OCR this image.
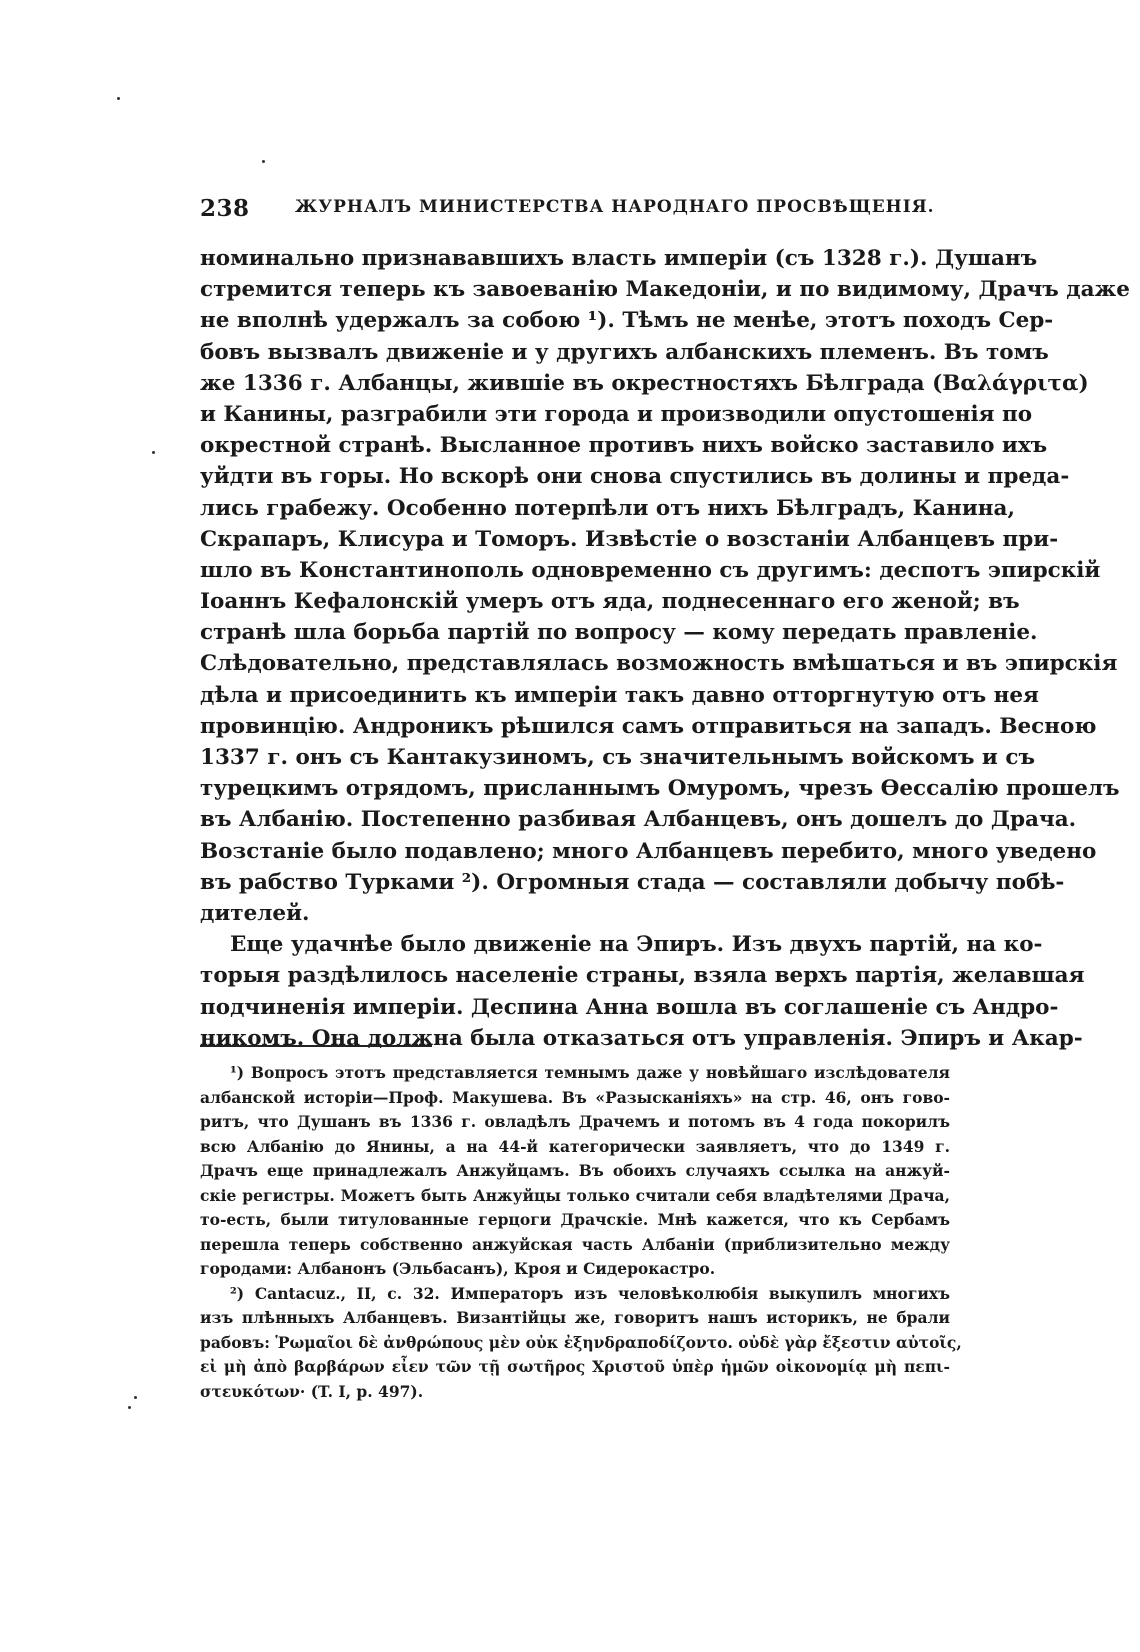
238	ЖУРНАЛЪ МИНИСТЕРСТВА НАРОДНАГО ПРОСВѢЩЕНІЯ.
номинально признававшихъ власть имперіи (съ 1328 г.). Душанъ
стремится теперь къ завоеванію Македоніи, и по видимому, Драчъ даже
не вполнѣ удержалъ за собою ¹). Тѣмъ не менѣе, этотъ походъ Сер-
бовъ вызвалъ движеніе и у другихъ албанскихъ племенъ. Въ томъ
же 1336 г. Албанцы, жившіе въ окрестностяхъ Бѣлграда (Βαλάγριτα)
и Канины, разграбили эти города и производили опустошенія по
окрестной странѣ. Высланное противъ нихъ войско заставило ихъ
уйдти въ горы. Но вскорѣ они снова спустились въ долины и преда-
лись грабежу. Особенно потерпѣли отъ нихъ Бѣлградъ, Канина,
Скрапаръ, Клисура и Томоръ. Извѣстіе о возстаніи Албанцевъ при-
шло въ Константинополь одновременно съ другимъ: деспотъ эпирскій
Іоаннъ Кефалонскій умеръ отъ яда, поднесеннаго его женой; въ
странѣ шла борьба партій по вопросу — кому передать правленіе.
Слѣдовательно, представлялась возможность вмѣшаться и въ эпирскія
дѣла и присоединить къ имперіи такъ давно отторгнутую отъ нея
провинцію. Андроникъ рѣшился самъ отправиться на западъ. Весною
1337 г. онъ съ Кантакузиномъ, съ значительнымъ войскомъ и съ
турецкимъ отрядомъ, присланнымъ Омуромъ, чрезъ Ѳессалію прошелъ
въ Албанію. Постепенно разбивая Албанцевъ, онъ дошелъ до Драча.
Возстаніе было подавлено; много Албанцевъ перебито, много уведено
въ рабство Турками ²). Огромныя стада — составляли добычу побѣ-
дителей.
Еще удачнѣе было движеніе на Эпиръ. Изъ двухъ партій, на ко-
торыя раздѣлилось населеніе страны, взяла верхъ партія, желавшая
подчиненія имперіи. Деспина Анна вошла въ соглашеніе съ Андро-
никомъ. Она должна была отказаться отъ управленія. Эпиръ и Акар-
¹) Вопросъ этотъ представляется темнымъ даже у новѣйшаго изслѣдователя
албанской исторіи—Проф. Макушева. Въ «Разысканіяхъ» на стр. 46, онъ гово-
ритъ, что Душанъ въ 1336 г. овладѣлъ Драчемъ и потомъ въ 4 года покорилъ
всю Албанію до Янины, а на 44-й категорически заявляетъ, что до 1349 г.
Драчъ еще принадлежалъ Анжуйцамъ. Въ обоихъ случаяхъ ссылка на анжуй-
скіе регистры. Можетъ быть Анжуйцы только считали себя владѣтелями Драча,
то-есть, были титулованные герцоги Драчскіе. Мнѣ кажется, что къ Сербамъ
перешла теперь собственно анжуйская часть Албаніи (приблизительно между
городами: Албанонъ (Эльбасанъ), Кроя и Сидерокастро.
²) Cantacuz., II, c. 32. Императоръ изъ человѣколюбія выкупилъ многихъ
изъ плѣнныхъ Албанцевъ. Византійцы же, говоритъ нашъ историкъ, не брали
рабовъ: Ῥωμαῖοι δὲ ἀνθρώπους μὲν οὐκ ἐξηνδραποδίζοντο. οὐδὲ γὰρ ἔξεστιν αὐτοῖς,
εἰ μὴ ἀπὸ βαρβάρων εἶεν τῶν τῇ σωτῆρος Χριστοῦ ὑπὲρ ἡμῶν οἰκονομίᾳ μὴ πεπι-
στευκότων· (T. I, p. 497).
